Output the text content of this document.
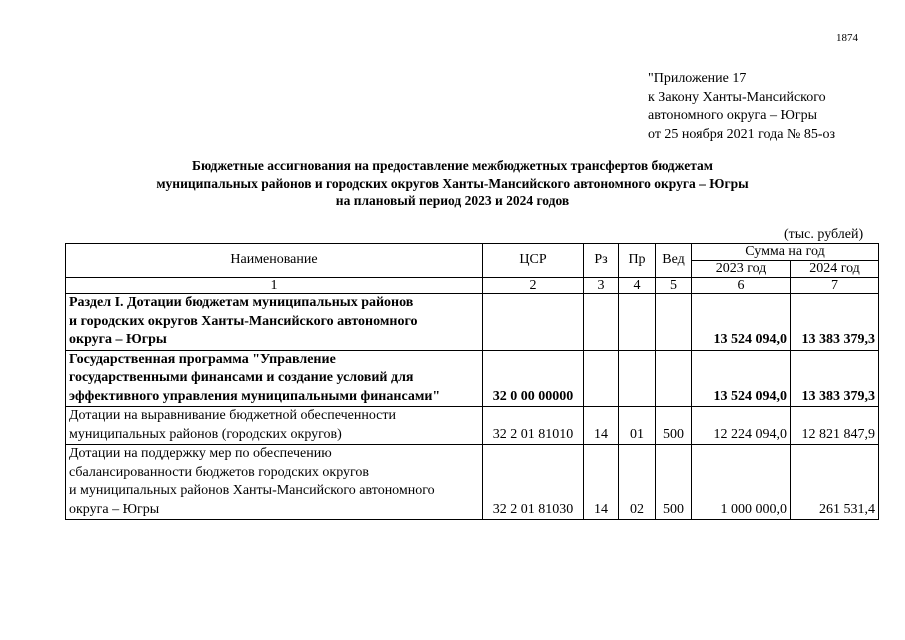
1874
"Приложение 17
к Закону Ханты-Мансийского
автономного округа – Югры
от 25 ноября 2021 года № 85-оз
Бюджетные ассигнования на предоставление межбюджетных трансфертов бюджетам
муниципальных районов и городских округов Ханты-Мансийского автономного округа – Югры
на плановый период 2023 и 2024 годов
(тыс. рублей)
Наименование	ЦСР	Рз	Пр	Вед	Сумма на год	
					2023 год	2024 год
1	2	3	4	5	6	7

Раздел I. Дотации бюджетам муниципальных районов
и городских округов Ханты-Мансийского автономного
округа – Югры					13 524 094,0	13 383 379,3

Государственная программа "Управление
государственными финансами и создание условий для
эффективного управления муниципальными финансами"	32 0 00 00000				13 524 094,0	13 383 379,3

Дотации на выравнивание бюджетной обеспеченности
муниципальных районов (городских округов)	32 2 01 81010	14	01	500	12 224 094,0	12 821 847,9

Дотации на поддержку мер по обеспечению
сбалансированности бюджетов городских округов
и муниципальных районов Ханты-Мансийского автономного
округа – Югры	32 2 01 81030	14	02	500	1 000 000,0	261 531,4
